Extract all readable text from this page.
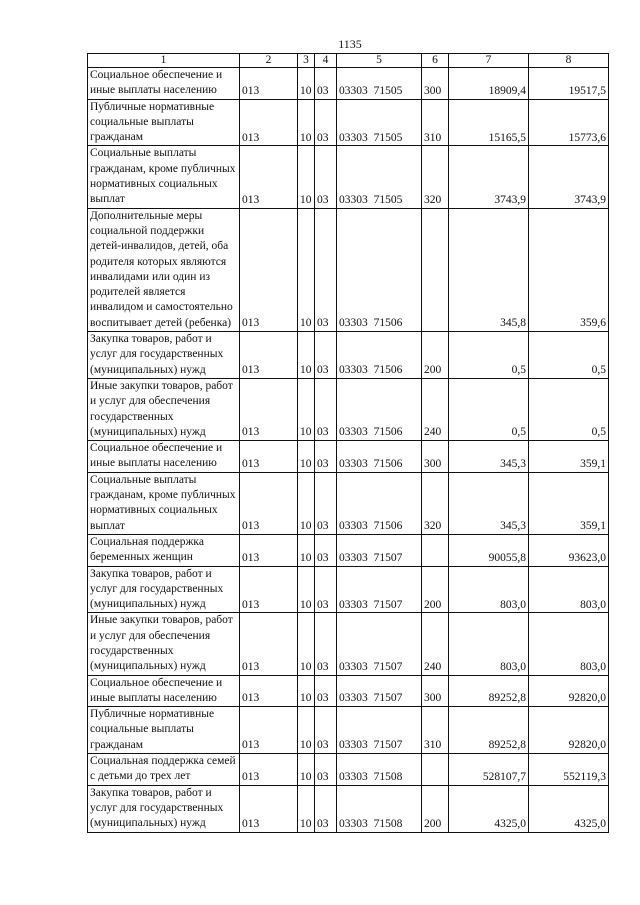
1135
1	2	3	4	5	6	7	8
Социальное обеспечение и иные выплаты населению	013	10	03	03303 71505	300	18909,4	19517,5
Публичные нормативные социальные выплаты гражданам	013	10	03	03303 71505	310	15165,5	15773,6
Социальные выплаты гражданам, кроме публичных нормативных социальных выплат	013	10	03	03303 71505	320	3743,9	3743,9
Дополнительные меры социальной поддержки детей-инвалидов, детей, оба родителя которых являются инвалидами или один из родителей является инвалидом и самостоятельно воспитывает детей (ребенка)	013	10	03	03303 71506		345,8	359,6
Закупка товаров, работ и услуг для государственных (муниципальных) нужд	013	10	03	03303 71506	200	0,5	0,5
Иные закупки товаров, работ и услуг для обеспечения государственных (муниципальных) нужд	013	10	03	03303 71506	240	0,5	0,5
Социальное обеспечение и иные выплаты населению	013	10	03	03303 71506	300	345,3	359,1
Социальные выплаты гражданам, кроме публичных нормативных социальных выплат	013	10	03	03303 71506	320	345,3	359,1
Социальная поддержка беременных женщин	013	10	03	03303 71507		90055,8	93623,0
Закупка товаров, работ и услуг для государственных (муниципальных) нужд	013	10	03	03303 71507	200	803,0	803,0
Иные закупки товаров, работ и услуг для обеспечения государственных (муниципальных) нужд	013	10	03	03303 71507	240	803,0	803,0
Социальное обеспечение и иные выплаты населению	013	10	03	03303 71507	300	89252,8	92820,0
Публичные нормативные социальные выплаты гражданам	013	10	03	03303 71507	310	89252,8	92820,0
Социальная поддержка семей с детьми до трех лет	013	10	03	03303 71508		528107,7	552119,3
Закупка товаров, работ и услуг для государственных (муниципальных) нужд	013	10	03	03303 71508	200	4325,0	4325,0
